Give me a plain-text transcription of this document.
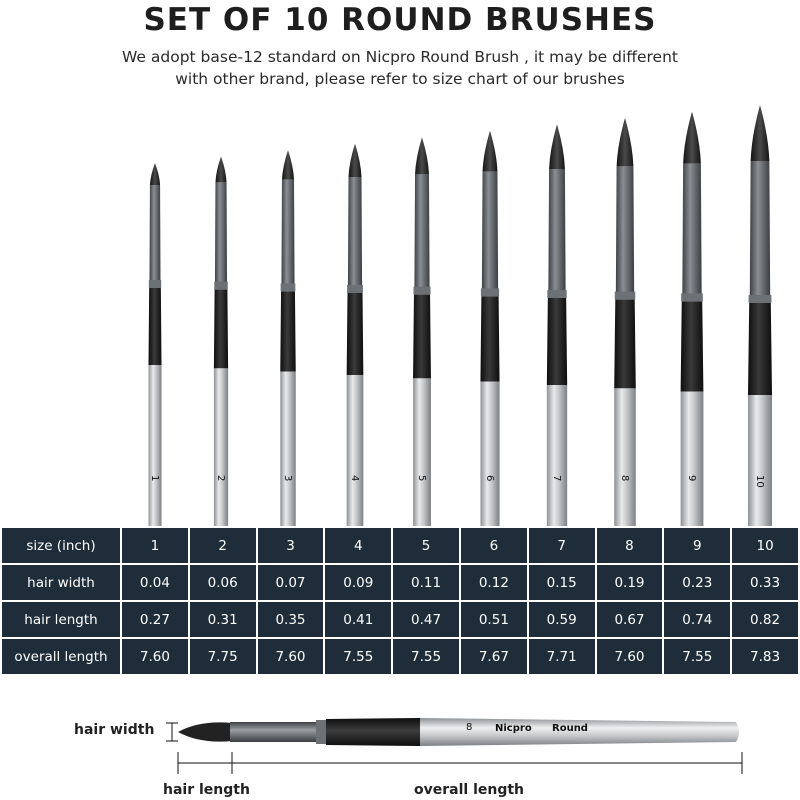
SET OF 10 ROUND BRUSHES
We adopt base-12 standard on Nicpro Round Brush , it may be different
with other brand, please refer to size chart of our brushes
1	2	3	4	5	6	7	8	9	10
size (inch)	1	2	3	4	5	6	7	8	9	10
hair width	0.04	0.06	0.07	0.09	0.11	0.12	0.15	0.19	0.23	0.33
hair length	0.27	0.31	0.35	0.41	0.47	0.51	0.59	0.67	0.74	0.82
overall length	7.60	7.75	7.60	7.55	7.55	7.67	7.71	7.60	7.55	7.83
8 Nicpro Round
hair width
hair length	overall length
